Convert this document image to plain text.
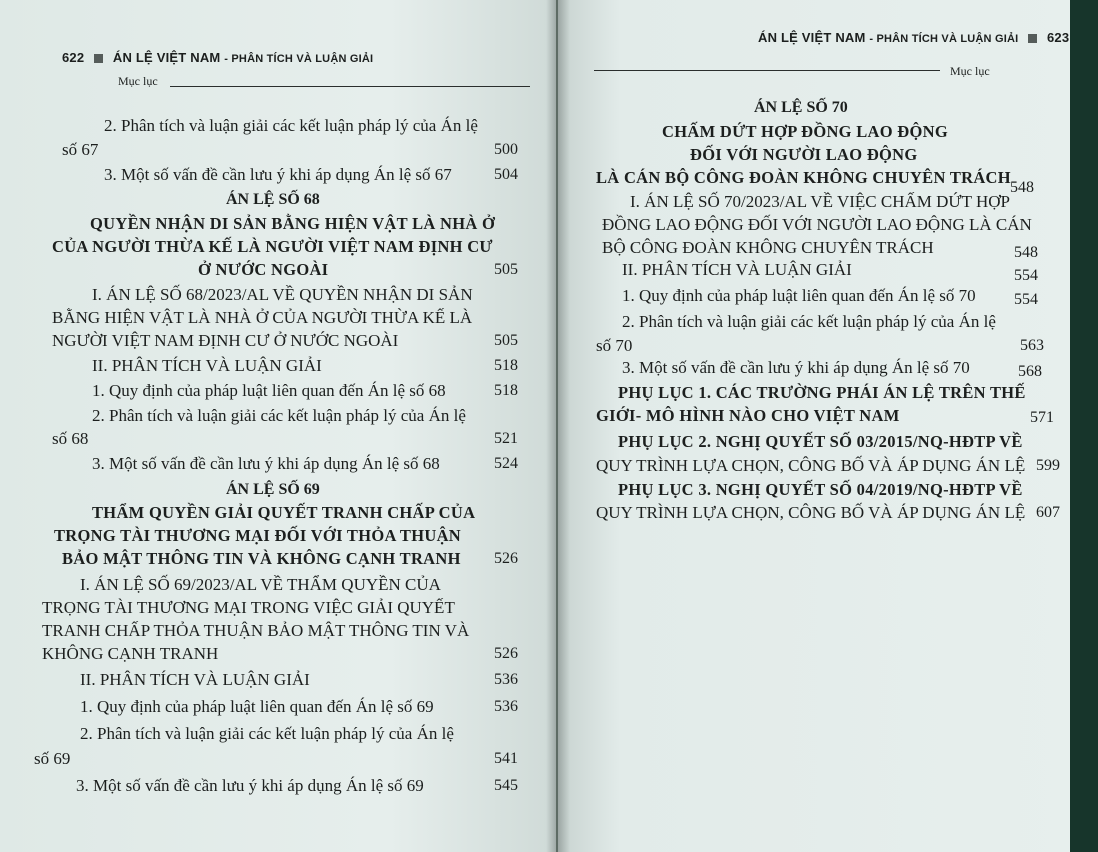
622 ÁN LỆ VIỆT NAM - PHÂN TÍCH VÀ LUẬN GIẢI
Mục lục
2. Phân tích và luận giải các kết luận pháp lý của Án lệ
số 67	500
3. Một số vấn đề cần lưu ý khi áp dụng Án lệ số 67	504
ÁN LỆ SỐ 68
QUYỀN NHẬN DI SẢN BẰNG HIỆN VẬT LÀ NHÀ Ở
CỦA NGƯỜI THỪA KẾ LÀ NGƯỜI VIỆT NAM ĐỊNH CƯ
Ở NƯỚC NGOÀI	505
I. ÁN LỆ SỐ 68/2023/AL VỀ QUYỀN NHẬN DI SẢN
BẰNG HIỆN VẬT LÀ NHÀ Ở CỦA NGƯỜI THỪA KẾ LÀ
NGƯỜI VIỆT NAM ĐỊNH CƯ Ở NƯỚC NGOÀI	505
II. PHÂN TÍCH VÀ LUẬN GIẢI	518
1. Quy định của pháp luật liên quan đến Án lệ số 68	518
2. Phân tích và luận giải các kết luận pháp lý của Án lệ
số 68	521
3. Một số vấn đề cần lưu ý khi áp dụng Án lệ số 68	524
ÁN LỆ SỐ 69
THẨM QUYỀN GIẢI QUYẾT TRANH CHẤP CỦA
TRỌNG TÀI THƯƠNG MẠI ĐỐI VỚI THỎA THUẬN
BẢO MẬT THÔNG TIN VÀ KHÔNG CẠNH TRANH 526
I. ÁN LỆ SỐ 69/2023/AL VỀ THẨM QUYỀN CỦA
TRỌNG TÀI THƯƠNG MẠI TRONG VIỆC GIẢI QUYẾT
TRANH CHẤP THỎA THUẬN BẢO MẬT THÔNG TIN VÀ
KHÔNG CẠNH TRANH	526
II. PHÂN TÍCH VÀ LUẬN GIẢI	536
1. Quy định của pháp luật liên quan đến Án lệ số 69	536
2. Phân tích và luận giải các kết luận pháp lý của Án lệ
số 69	541
3. Một số vấn đề cần lưu ý khi áp dụng Án lệ số 69	545
ÁN LỆ VIỆT NAM - PHÂN TÍCH VÀ LUẬN GIẢI 623
Mục lục
ÁN LỆ SỐ 70
CHẤM DỨT HỢP ĐỒNG LAO ĐỘNG
ĐỐI VỚI NGƯỜI LAO ĐỘNG
LÀ CÁN BỘ CÔNG ĐOÀN KHÔNG CHUYÊN TRÁCH
548
I. ÁN LỆ SỐ 70/2023/AL VỀ VIỆC CHẤM DỨT HỢP
ĐỒNG LAO ĐỘNG ĐỐI VỚI NGƯỜI LAO ĐỘNG LÀ CÁN
BỘ CÔNG ĐOÀN KHÔNG CHUYÊN TRÁCH	548
II. PHÂN TÍCH VÀ LUẬN GIẢI	554
1. Quy định của pháp luật liên quan đến Án lệ số 70 554
2. Phân tích và luận giải các kết luận pháp lý của Án lệ
số 70	563
3. Một số vấn đề cần lưu ý khi áp dụng Án lệ số 70	568
PHỤ LỤC 1. CÁC TRƯỜNG PHÁI ÁN LỆ TRÊN THẾ
GIỚI- MÔ HÌNH NÀO CHO VIỆT NAM	571
PHỤ LỤC 2. NGHỊ QUYẾT SỐ 03/2015/NQ-HĐTP VỀ
QUY TRÌNH LỰA CHỌN, CÔNG BỐ VÀ ÁP DỤNG ÁN LỆ 599
PHỤ LỤC 3. NGHỊ QUYẾT SỐ 04/2019/NQ-HĐTP VỀ
QUY TRÌNH LỰA CHỌN, CÔNG BỐ VÀ ÁP DỤNG ÁN LỆ 607
